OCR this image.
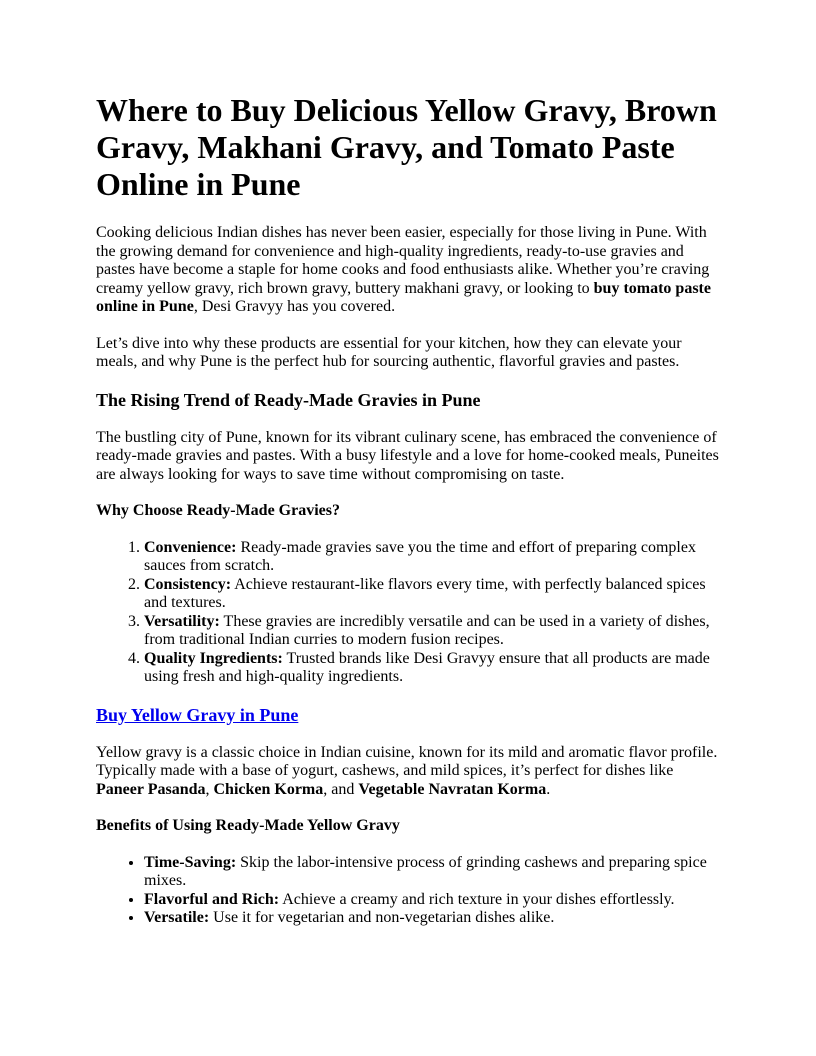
Where to Buy Delicious Yellow Gravy, Brown Gravy, Makhani Gravy, and Tomato Paste Online in Pune

Cooking delicious Indian dishes has never been easier, especially for those living in Pune. With the growing demand for convenience and high-quality ingredients, ready-to-use gravies and pastes have become a staple for home cooks and food enthusiasts alike. Whether you’re craving creamy yellow gravy, rich brown gravy, buttery makhani gravy, or looking to buy tomato paste online in Pune, Desi Gravyy has you covered.

Let’s dive into why these products are essential for your kitchen, how they can elevate your meals, and why Pune is the perfect hub for sourcing authentic, flavorful gravies and pastes.

The Rising Trend of Ready-Made Gravies in Pune

The bustling city of Pune, known for its vibrant culinary scene, has embraced the convenience of ready-made gravies and pastes. With a busy lifestyle and a love for home-cooked meals, Puneites are always looking for ways to save time without compromising on taste.

Why Choose Ready-Made Gravies?
1. Convenience: Ready-made gravies save you the time and effort of preparing complex sauces from scratch.
2. Consistency: Achieve restaurant-like flavors every time, with perfectly balanced spices and textures.
3. Versatility: These gravies are incredibly versatile and can be used in a variety of dishes, from traditional Indian curries to modern fusion recipes.
4. Quality Ingredients: Trusted brands like Desi Gravyy ensure that all products are made using fresh and high-quality ingredients.
Buy Yellow Gravy in Pune

Yellow gravy is a classic choice in Indian cuisine, known for its mild and aromatic flavor profile. Typically made with a base of yogurt, cashews, and mild spices, it’s perfect for dishes like Paneer Pasanda, Chicken Korma, and Vegetable Navratan Korma.

Benefits of Using Ready-Made Yellow Gravy
• Time-Saving: Skip the labor-intensive process of grinding cashews and preparing spice mixes.
• Flavorful and Rich: Achieve a creamy and rich texture in your dishes effortlessly.
• Versatile: Use it for vegetarian and non-vegetarian dishes alike.
